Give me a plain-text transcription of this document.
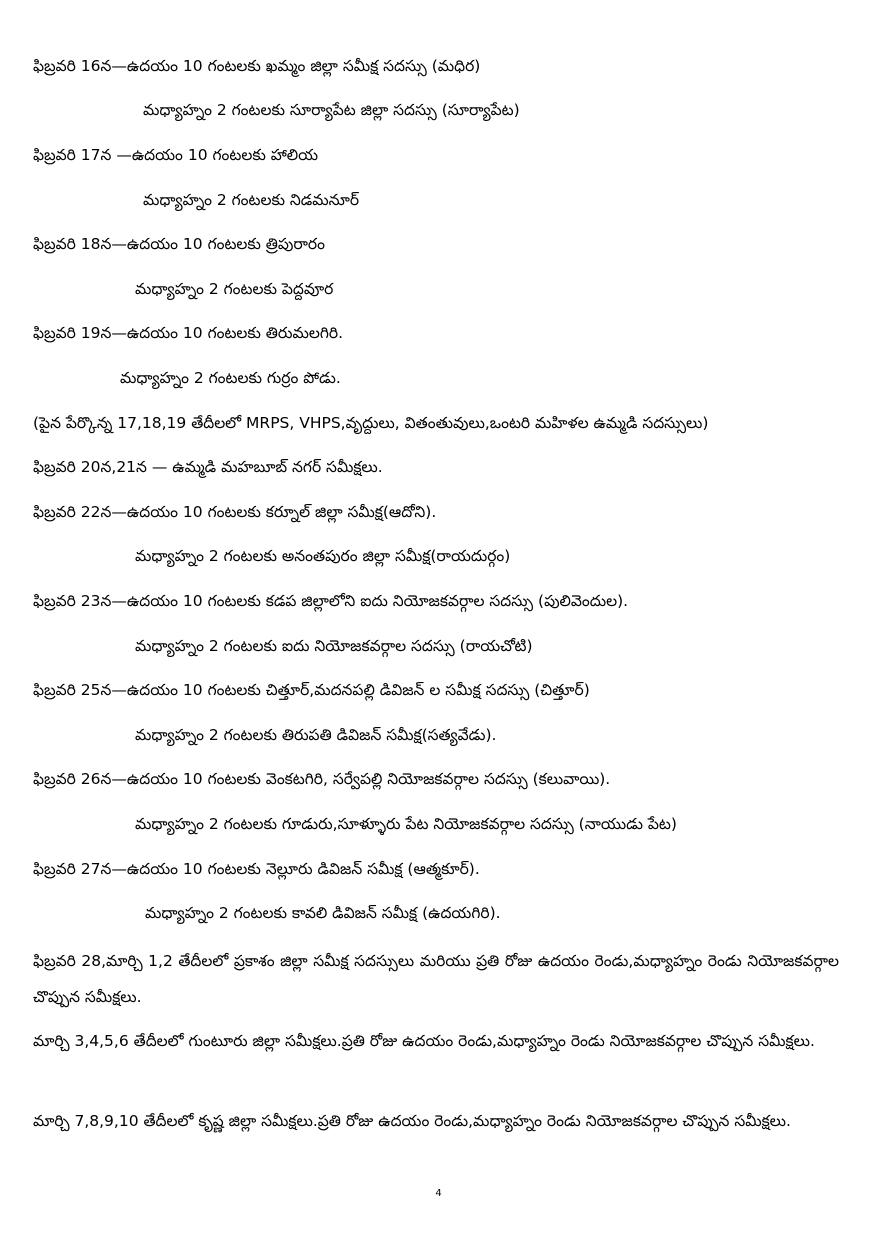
ఫిబ్రవరి 16న—ఉదయం 10 గంటలకు ఖమ్మం జిల్లా సమీక్ష సదస్సు (మధిర)
మధ్యాహ్నం 2 గంటలకు సూర్యాపేట జిల్లా సదస్సు (సూర్యాపేట)
ఫిబ్రవరి 17న —ఉదయం 10 గంటలకు హాలియ
మధ్యాహ్నం 2 గంటలకు నిడమనూర్
ఫిబ్రవరి 18న—ఉదయం 10 గంటలకు త్రిపురారం
మధ్యాహ్నం 2 గంటలకు పెద్దవూర
ఫిబ్రవరి 19న—ఉదయం 10 గంటలకు తిరుమలగిరి.
మధ్యాహ్నం 2 గంటలకు గుర్రం పోడు.
(పైన పేర్కొన్న 17,18,19 తేదీలలో MRPS, VHPS,వృద్దులు, వితంతువులు,ఒంటరి మహిళల ఉమ్మడి సదస్సులు)
ఫిబ్రవరి 20న,21న — ఉమ్మడి మహబూబ్ నగర్ సమీక్షలు.
ఫిబ్రవరి 22న—ఉదయం 10 గంటలకు కర్నూల్ జిల్లా సమీక్ష(ఆదోని).
మధ్యాహ్నం 2 గంటలకు అనంతపురం జిల్లా సమీక్ష(రాయదుర్గం)
ఫిబ్రవరి 23న—ఉదయం 10 గంటలకు కడప జిల్లాలోని ఐదు నియోజకవర్గాల సదస్సు (పులివెందుల).
మధ్యాహ్నం 2 గంటలకు ఐదు నియోజకవర్గాల సదస్సు (రాయచోటి)
ఫిబ్రవరి 25న—ఉదయం 10 గంటలకు చిత్తూర్,మదనపల్లి డివిజన్ ల సమీక్ష సదస్సు (చిత్తూర్)
మధ్యాహ్నం 2 గంటలకు తిరుపతి డివిజన్ సమీక్ష(సత్యవేడు).
ఫిబ్రవరి 26న—ఉదయం 10 గంటలకు వెంకటగిరి, సర్వేపల్లి నియోజకవర్గాల సదస్సు (కలువాయి).
మధ్యాహ్నం 2 గంటలకు గూడురు,సూళ్ళూరు పేట నియోజకవర్గాల సదస్సు (నాయుడు పేట)
ఫిబ్రవరి 27న—ఉదయం 10 గంటలకు నెల్లూరు డివిజన్ సమీక్ష (ఆత్మకూర్).
మధ్యాహ్నం 2 గంటలకు కావలి డివిజన్ సమీక్ష (ఉదయగిరి).
ఫిబ్రవరి 28,మార్చి 1,2 తేదీలలో ప్రకాశం జిల్లా సమీక్ష సదస్సులు మరియు ప్రతి రోజు ఉదయం రెండు,మధ్యాహ్నం రెండు నియోజకవర్గాల చొప్పున సమీక్షలు.
మార్చి 3,4,5,6 తేదీలలో గుంటూరు జిల్లా సమీక్షలు.ప్రతి రోజు ఉదయం రెండు,మధ్యాహ్నం రెండు నియోజకవర్గాల చొప్పున సమీక్షలు.
మార్చి 7,8,9,10 తేదీలలో కృష్ణ జిల్లా సమీక్షలు.ప్రతి రోజు ఉదయం రెండు,మధ్యాహ్నం రెండు నియోజకవర్గాల చొప్పున సమీక్షలు.
4
